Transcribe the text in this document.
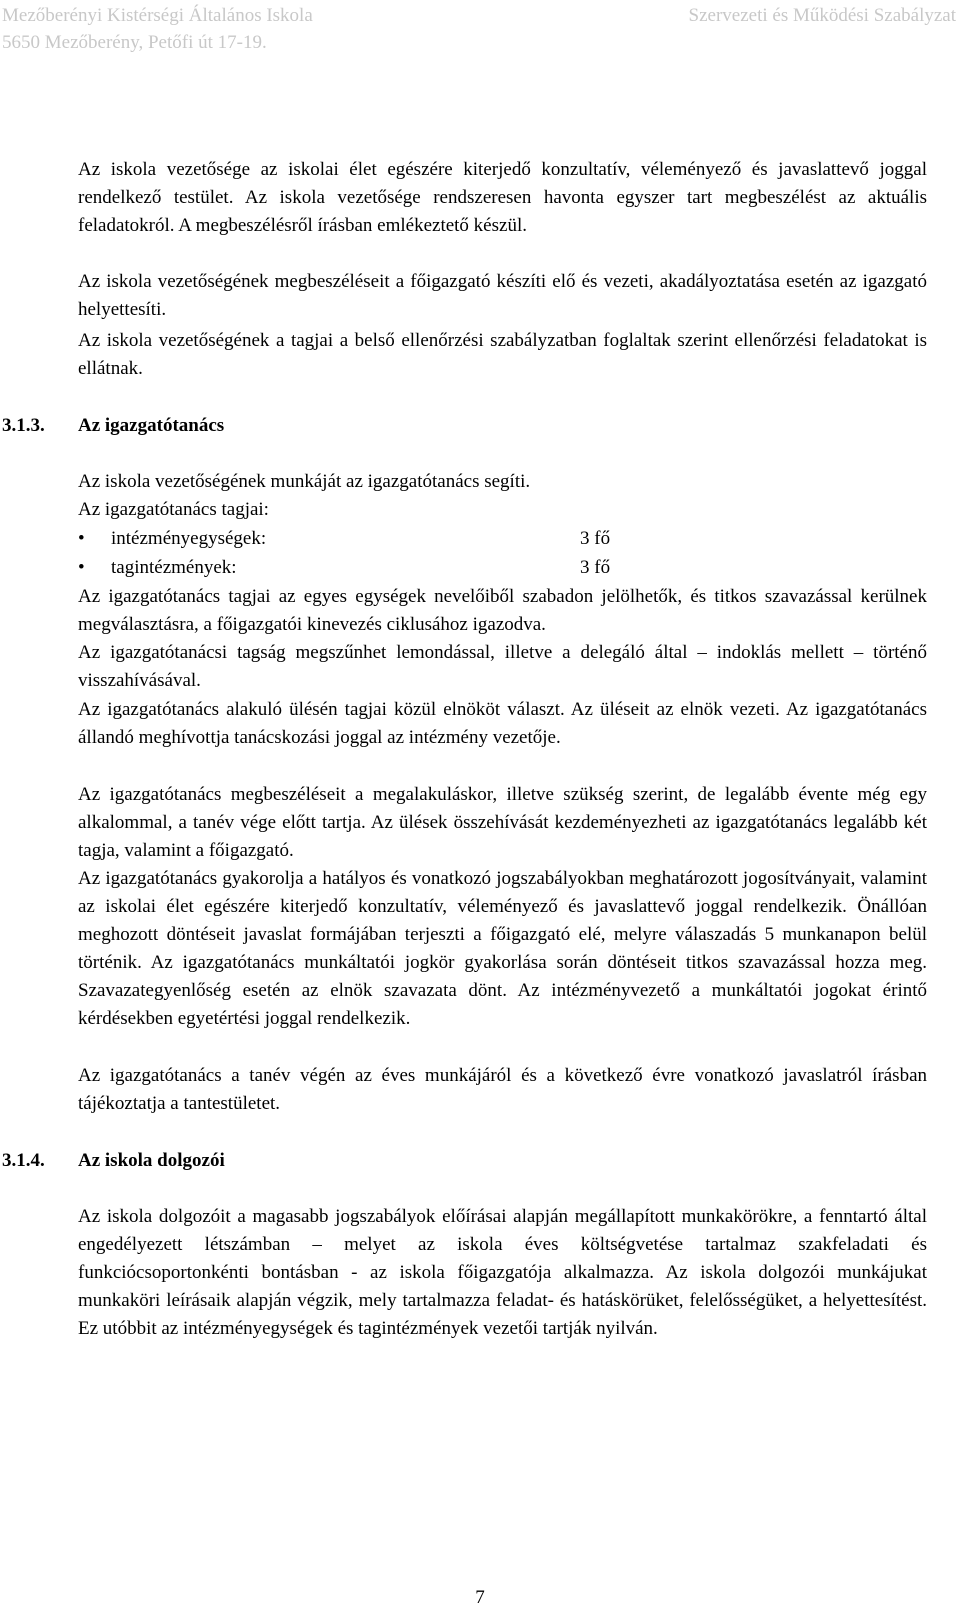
Mezőberényi Kistérségi Általános Iskola
5650 Mezőberény, Petőfi út 17-19.
Szervezeti és Működési Szabályzat

Az iskola vezetősége az iskolai élet egészére kiterjedő konzultatív, véleményező és javaslattevő joggal rendelkező testület. Az iskola vezetősége rendszeresen havonta egyszer tart megbeszélést az aktuális feladatokról. A megbeszélésről írásban emlékeztető készül.

Az iskola vezetőségének megbeszéléseit a főigazgató készíti elő és vezeti, akadályoztatása esetén az igazgató helyettesíti.

Az iskola vezetőségének a tagjai a belső ellenőrzési szabályzatban foglaltak szerint ellenőrzési feladatokat is ellátnak.

3.1.3. Az igazgatótanács

Az iskola vezetőségének munkáját az igazgatótanács segíti.

Az igazgatótanács tagjai:

• intézményegységek:	3 fő
• tagintézmények:	3 fő

Az igazgatótanács tagjai az egyes egységek nevelőiből szabadon jelölhetők, és titkos szavazással kerülnek megválasztásra, a főigazgatói kinevezés ciklusához igazodva.

Az igazgatótanácsi tagság megszűnhet lemondással, illetve a delegáló által – indoklás mellett – történő visszahívásával.

Az igazgatótanács alakuló ülésén tagjai közül elnököt választ. Az üléseit az elnök vezeti. Az igazgatótanács állandó meghívottja tanácskozási joggal az intézmény vezetője.

Az igazgatótanács megbeszéléseit a megalakuláskor, illetve szükség szerint, de legalább évente még egy alkalommal, a tanév vége előtt tartja. Az ülések összehívását kezdeményezheti az igazgatótanács legalább két tagja, valamint a főigazgató.

Az igazgatótanács gyakorolja a hatályos és vonatkozó jogszabályokban meghatározott jogosítványait, valamint az iskolai élet egészére kiterjedő konzultatív, véleményező és javaslattevő joggal rendelkezik. Önállóan meghozott döntéseit javaslat formájában terjeszti a főigazgató elé, melyre válaszadás 5 munkanapon belül történik. Az igazgatótanács munkáltatói jogkör gyakorlása során döntéseit titkos szavazással hozza meg. Szavazategyenlőség esetén az elnök szavazata dönt. Az intézményvezető a munkáltatói jogokat érintő kérdésekben egyetértési joggal rendelkezik.

Az igazgatótanács a tanév végén az éves munkájáról és a következő évre vonatkozó javaslatról írásban tájékoztatja a tantestületet.

3.1.4. Az iskola dolgozói

Az iskola dolgozóit a magasabb jogszabályok előírásai alapján megállapított munkakörökre, a fenntartó által engedélyezett létszámban – melyet az iskola éves költségvetése tartalmaz szakfeladati és funkciócsoportonkénti bontásban - az iskola főigazgatója alkalmazza. Az iskola dolgozói munkájukat munkaköri leírásaik alapján végzik, mely tartalmazza feladat- és hatáskörüket, felelősségüket, a helyettesítést. Ez utóbbit az intézményegységek és tagintézmények vezetői tartják nyilván.

7
